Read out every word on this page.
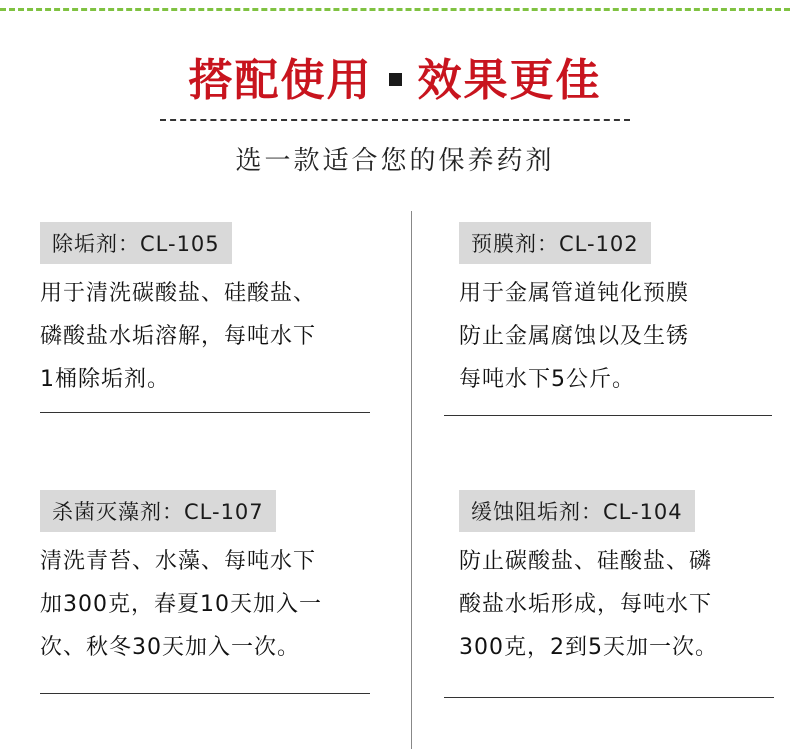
搭配使用 效果更佳
选一款适合您的保养药剂
除垢剂：CL-105
用于清洗碳酸盐、硅酸盐、
磷酸盐水垢溶解，每吨水下
1桶除垢剂。
预膜剂：CL-102
用于金属管道钝化预膜
防止金属腐蚀以及生锈
每吨水下5公斤。
杀菌灭藻剂：CL-107
清洗青苔、水藻、每吨水下
加300克，春夏10天加入一
次、秋冬30天加入一次。
缓蚀阻垢剂：CL-104
防止碳酸盐、硅酸盐、磷
酸盐水垢形成，每吨水下
300克，2到5天加一次。
